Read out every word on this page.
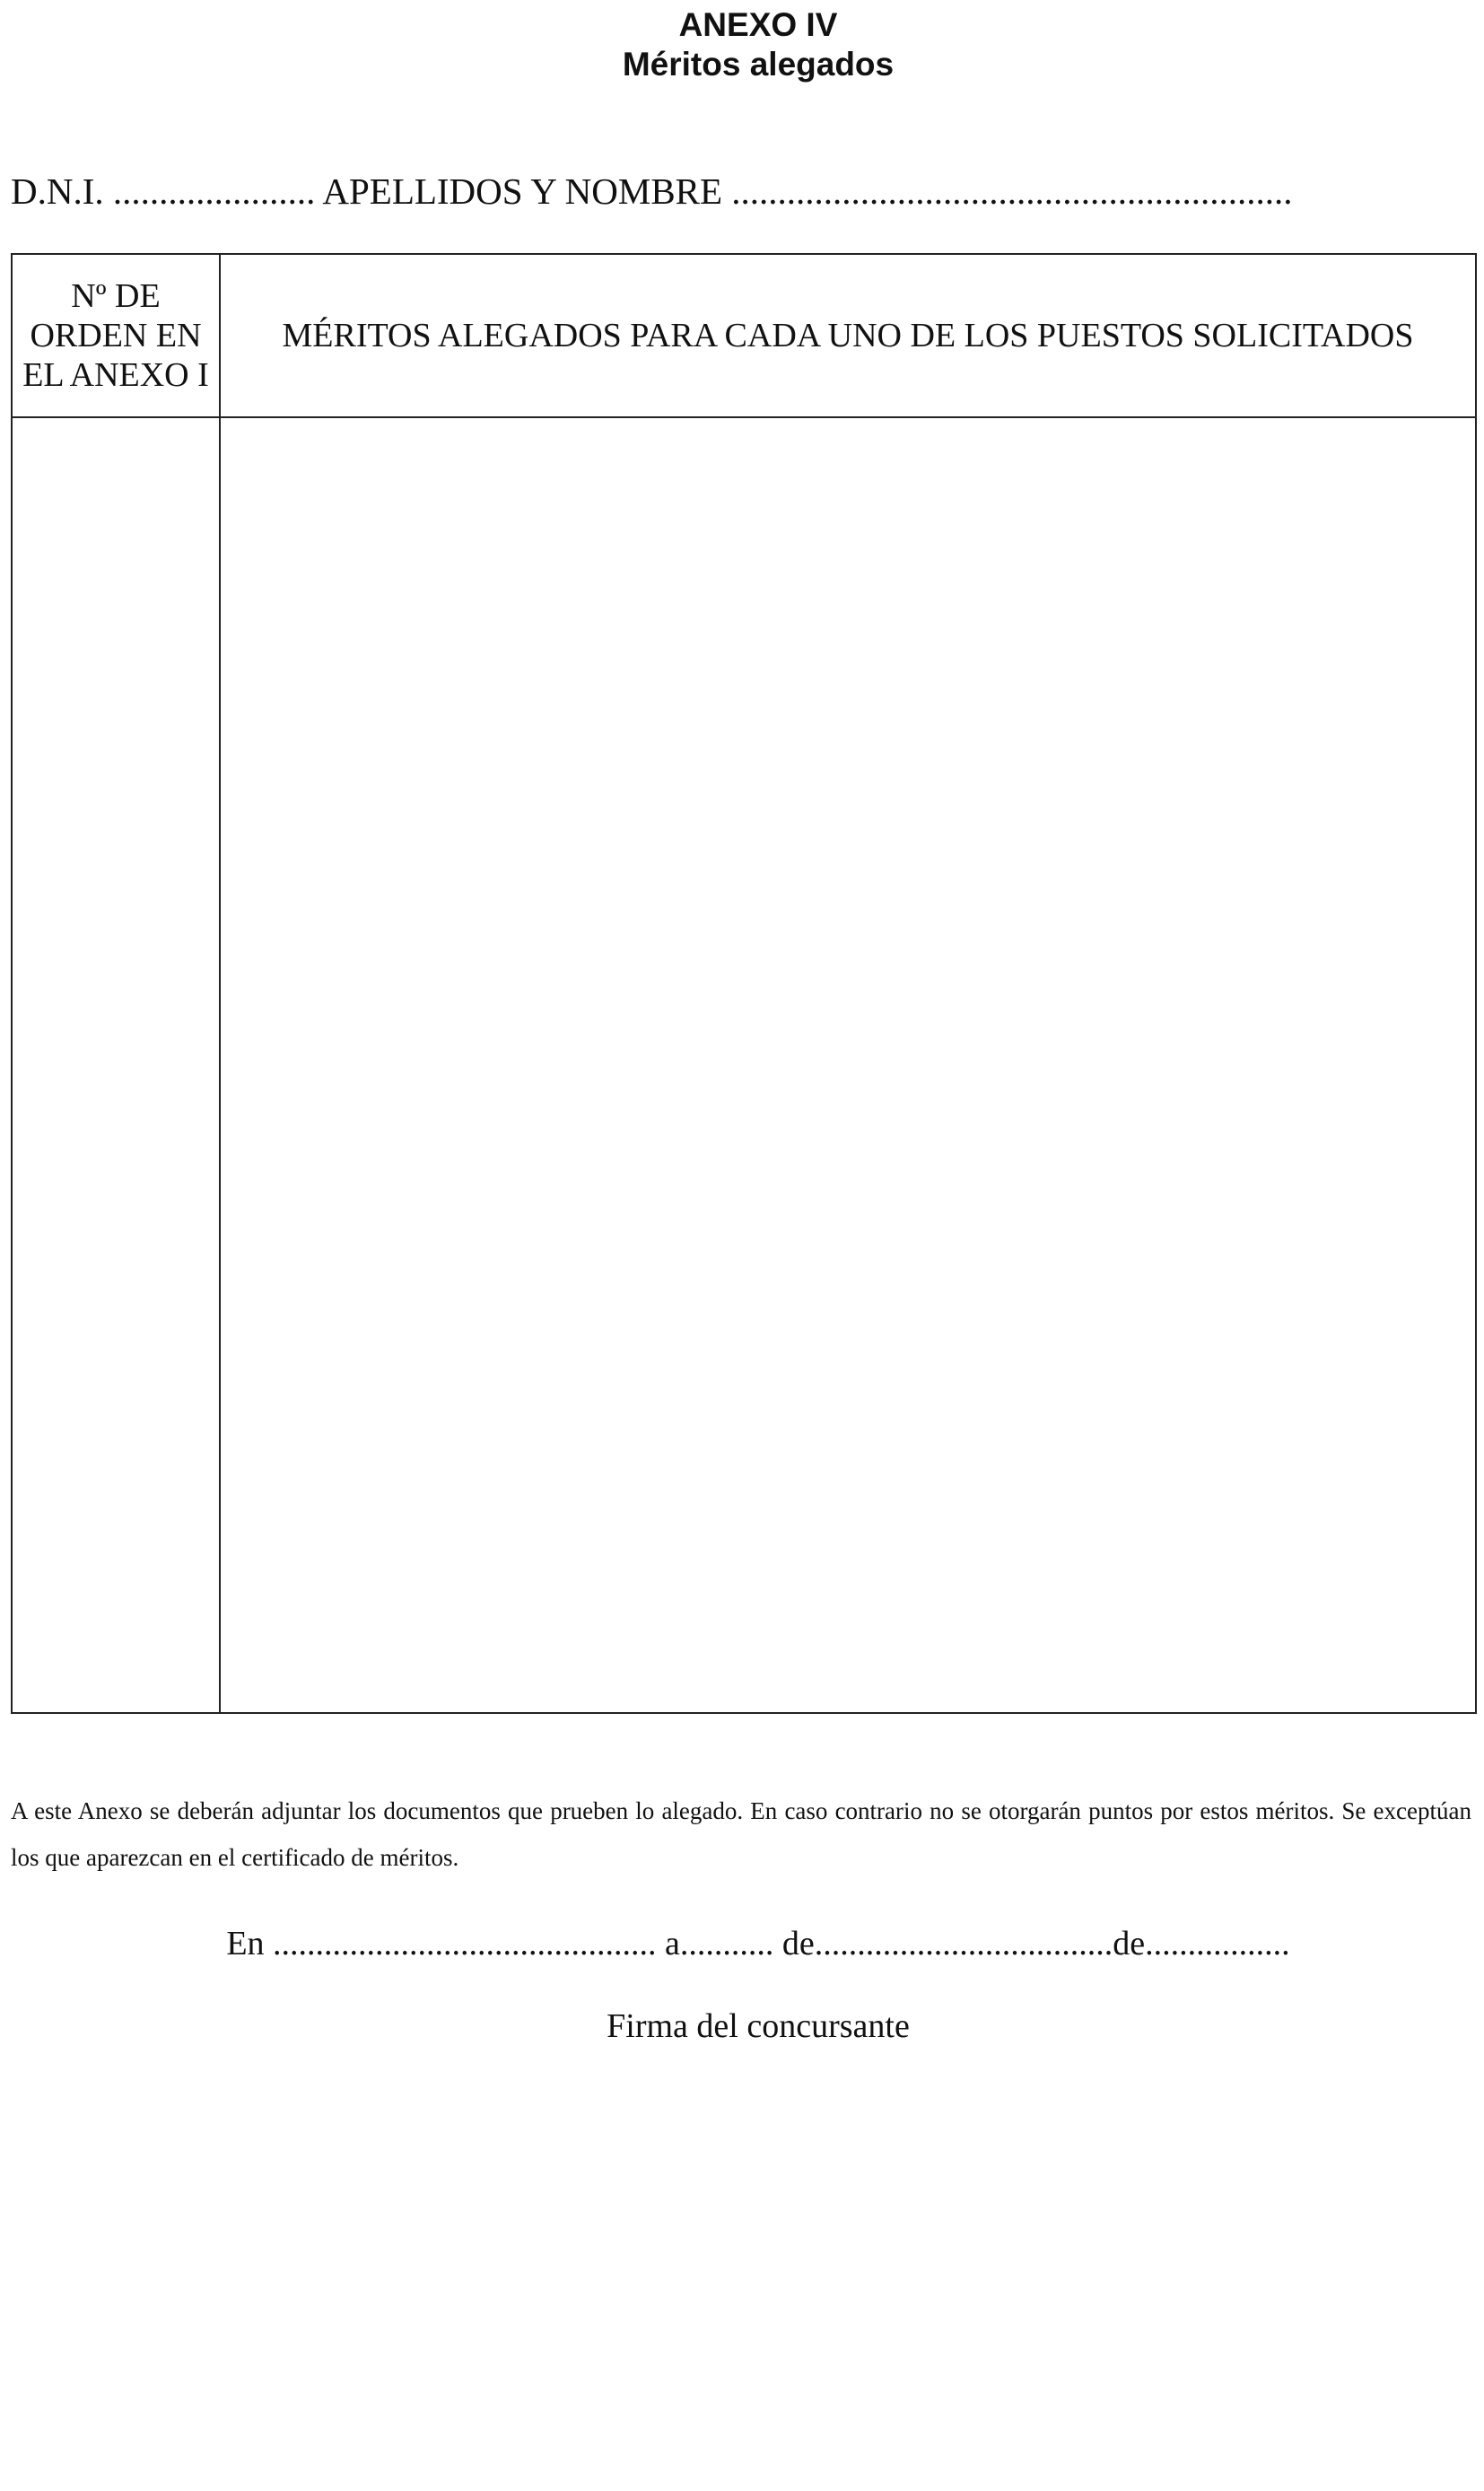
ANEXO IV
Méritos alegados
D.N.I. ...................... APELLIDOS Y NOMBRE .............................................................
Nº DE
ORDEN EN
EL ANEXO I	MÉRITOS ALEGADOS PARA CADA UNO DE LOS PUESTOS SOLICITADOS

A este Anexo se deberán adjuntar los documentos que prueben lo alegado. En caso contrario no se otorgarán puntos por estos méritos. Se exceptúan los que aparezcan en el certificado de méritos.
En ............................................. a........... de...................................de.................
Firma del concursante
